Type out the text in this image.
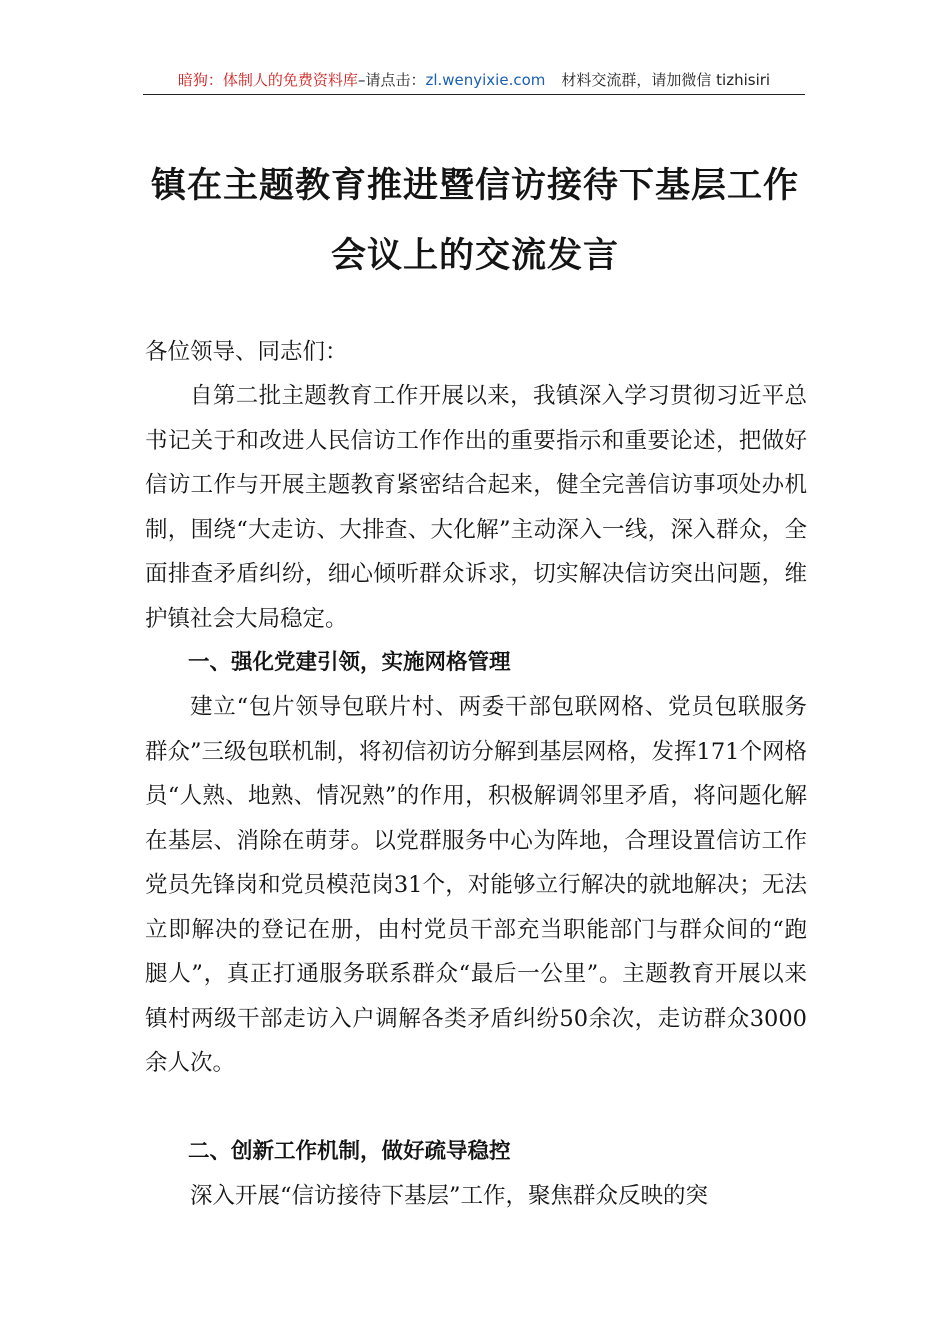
暗狗：体制人的免费资料库–请点击：zl.wenyixie.com 材料交流群，请加微信 tizhisiri
镇在主题教育推进暨信访接待下基层工作
会议上的交流发言
各位领导、同志们：

自第二批主题教育工作开展以来，我镇深入学习贯彻习近平总书记关于和改进人民信访工作作出的重要指示和重要论述，把做好信访工作与开展主题教育紧密结合起来，健全完善信访事项处办机制，围绕“大走访、大排查、大化解”主动深入一线，深入群众，全面排查矛盾纠纷，细心倾听群众诉求，切实解决信访突出问题，维护镇社会大局稳定。

一、强化党建引领，实施网格管理

建立“包片领导包联片村、两委干部包联网格、党员包联服务群众”三级包联机制，将初信初访分解到基层网格，发挥171个网格员“人熟、地熟、情况熟”的作用，积极解调邻里矛盾，将问题化解在基层、消除在萌芽。以党群服务中心为阵地，合理设置信访工作党员先锋岗和党员模范岗31个，对能够立行解决的就地解决；无法立即解决的登记在册，由村党员干部充当职能部门与群众间的“跑腿人”，真正打通服务联系群众“最后一公里”。主题教育开展以来镇村两级干部走访入户调解各类矛盾纠纷50余次，走访群众3000余人次。

二、创新工作机制，做好疏导稳控

深入开展“信访接待下基层”工作，聚焦群众反映的突
